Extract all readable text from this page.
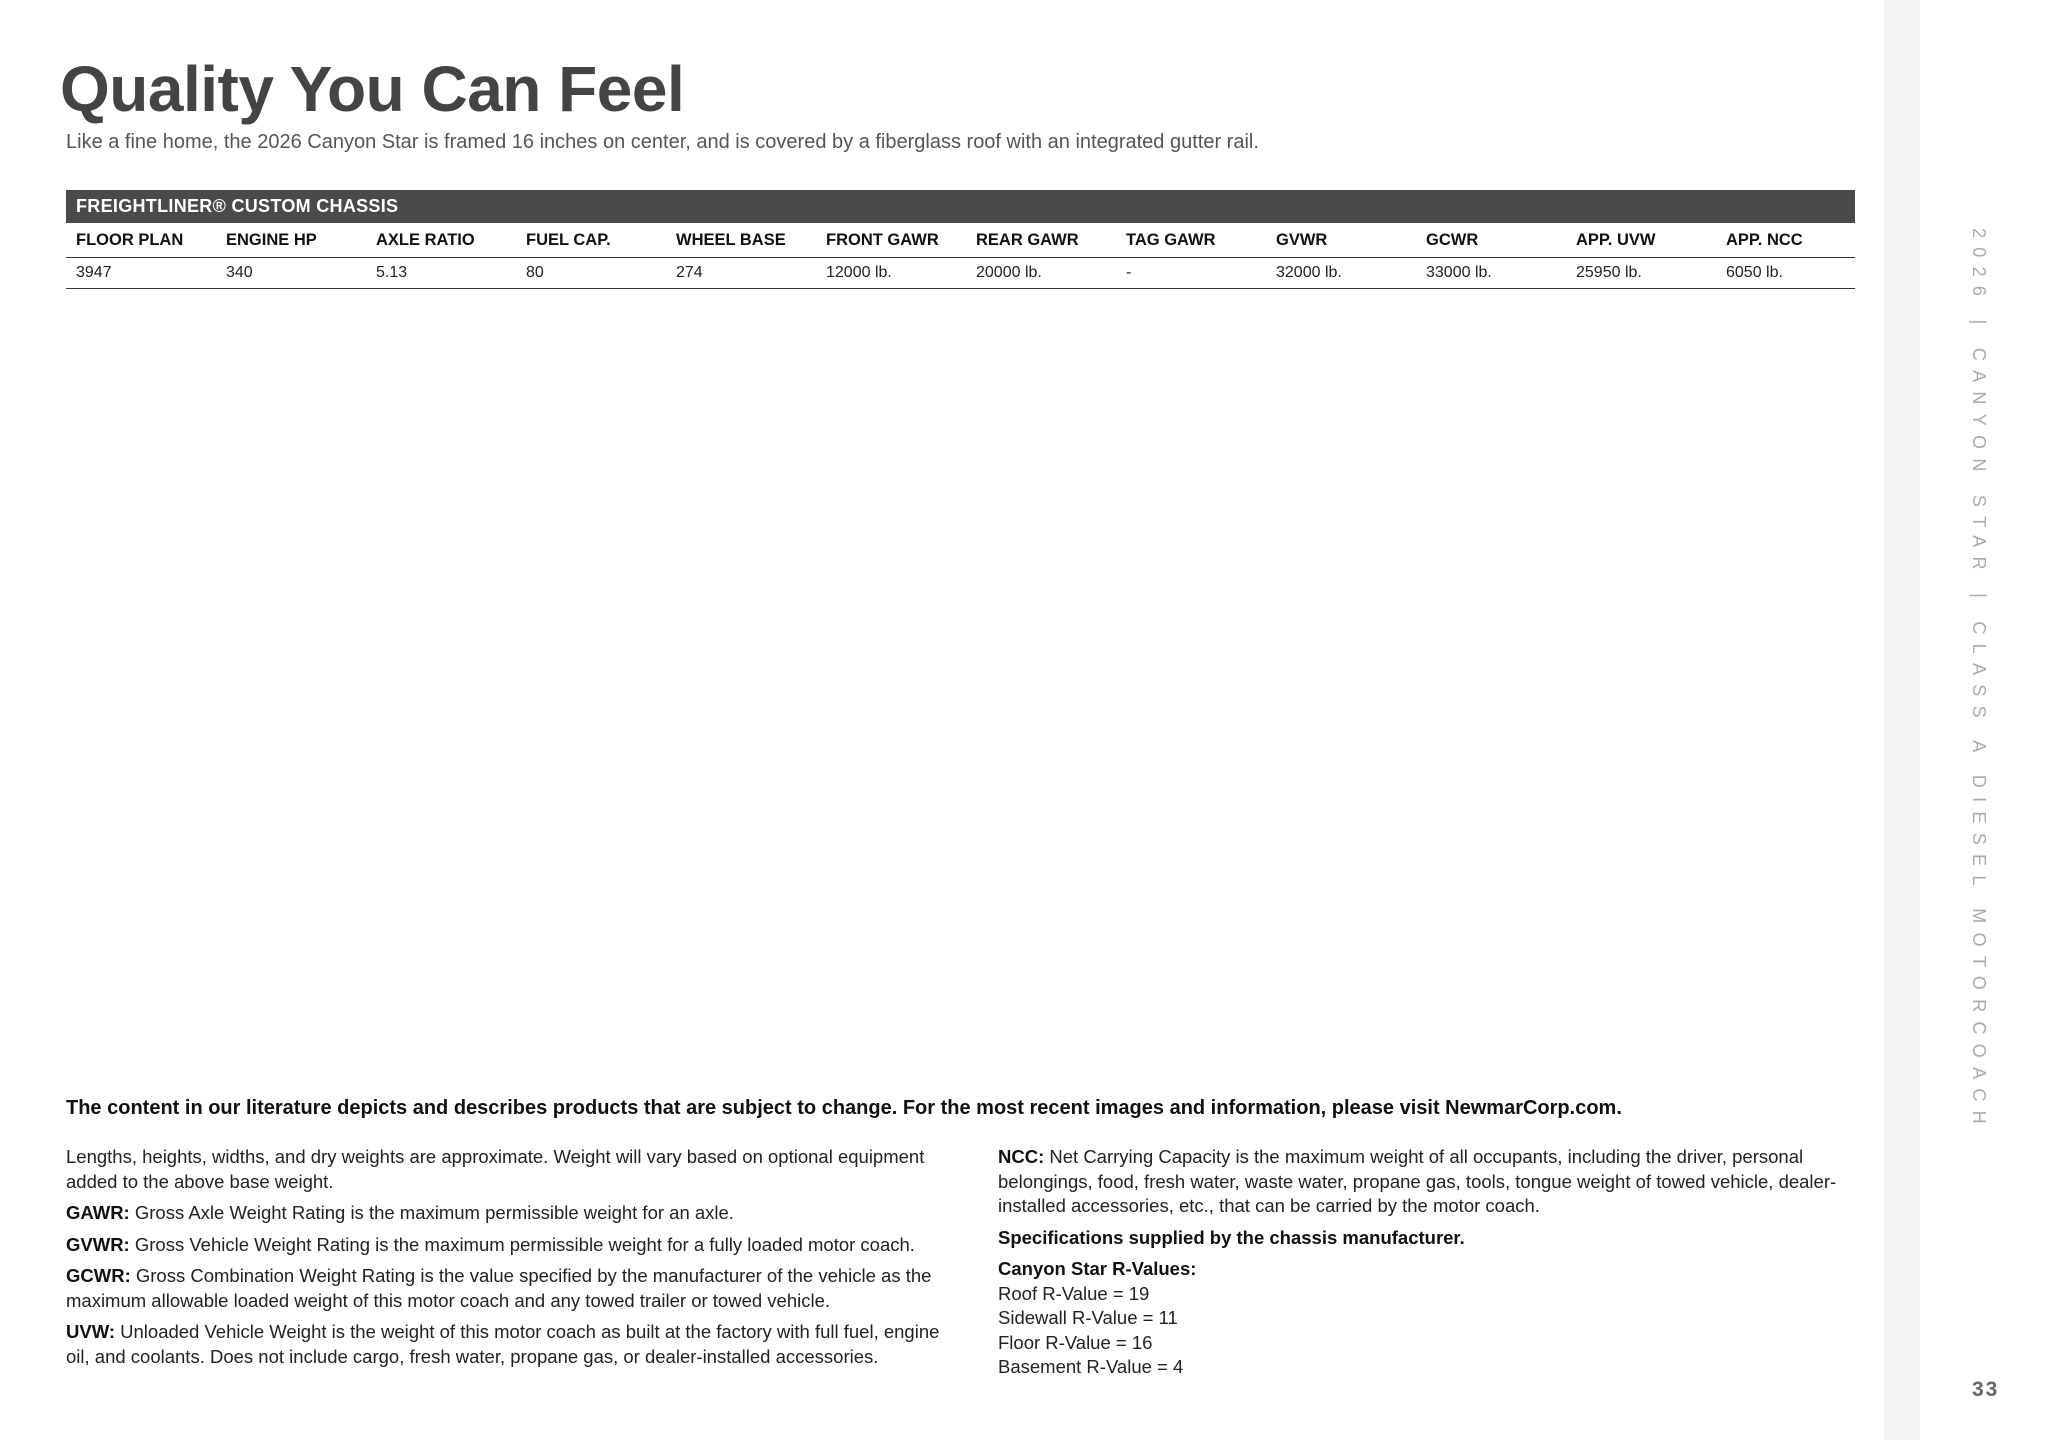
Quality You Can Feel

Like a fine home, the 2026 Canyon Star is framed 16 inches on center, and is covered by a fiberglass roof with an integrated gutter rail.

FREIGHTLINER® CUSTOM CHASSIS											
FLOOR PLAN	ENGINE HP	AXLE RATIO	FUEL CAP.	WHEEL BASE	FRONT GAWR	REAR GAWR	TAG GAWR	GVWR	GCWR	APP. UVW	APP. NCC
3947	340	5.13	80	274	12000 lb.	20000 lb.	-	32000 lb.	33000 lb.	25950 lb.	6050 lb.

The content in our literature depicts and describes products that are subject to change. For the most recent images and information, please visit NewmarCorp.com.

Lengths, heights, widths, and dry weights are approximate. Weight will vary based on optional equipment added to the above base weight.

GAWR: Gross Axle Weight Rating is the maximum permissible weight for an axle.

GVWR: Gross Vehicle Weight Rating is the maximum permissible weight for a fully loaded motor coach.

GCWR: Gross Combination Weight Rating is the value specified by the manufacturer of the vehicle as the maximum allowable loaded weight of this motor coach and any towed trailer or towed vehicle.

UVW: Unloaded Vehicle Weight is the weight of this motor coach as built at the factory with full fuel, engine oil, and coolants. Does not include cargo, fresh water, propane gas, or dealer-installed accessories.

NCC: Net Carrying Capacity is the maximum weight of all occupants, including the driver, personal belongings, food, fresh water, waste water, propane gas, tools, tongue weight of towed vehicle, dealer-installed accessories, etc., that can be carried by the motor coach.

Specifications supplied by the chassis manufacturer.

Canyon Star R-Values:
Roof R-Value = 19
Sidewall R-Value = 11
Floor R-Value = 16
Basement R-Value = 4

2026 | CANYON STAR | CLASS A DIESEL MOTORCOACH
33
